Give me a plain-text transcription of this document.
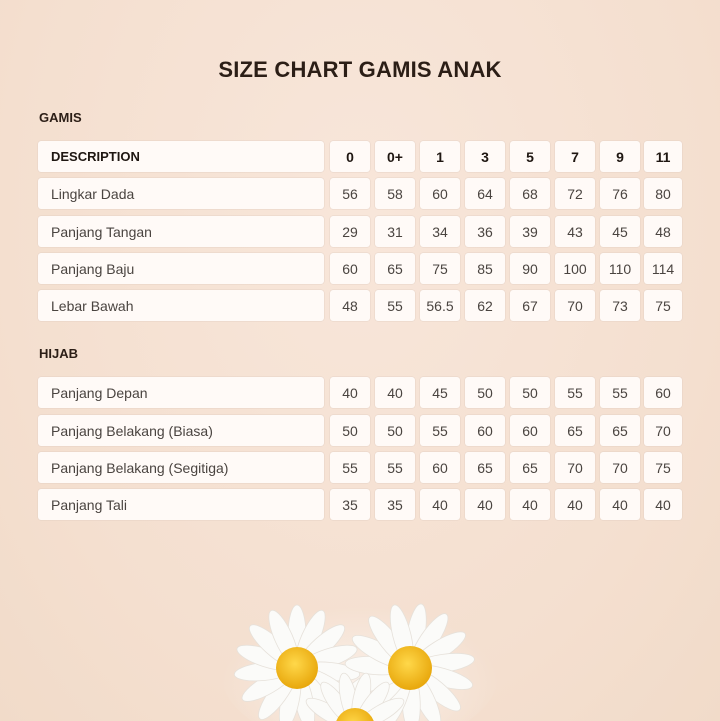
SIZE CHART GAMIS ANAK
GAMIS
DESCRIPTION	0	0+	1	3	5	7	9	11
Lingkar Dada	56	58	60	64	68	72	76	80
Panjang Tangan	29	31	34	36	39	43	45	48
Panjang Baju	60	65	75	85	90	100	110	114
Lebar Bawah	48	55	56.5	62	67	70	73	75
HIJAB
Panjang Depan	40	40	45	50	50	55	55	60
Panjang Belakang (Biasa)	50	50	55	60	60	65	65	70
Panjang Belakang (Segitiga)	55	55	60	65	65	70	70	75
Panjang Tali	35	35	40	40	40	40	40	40
